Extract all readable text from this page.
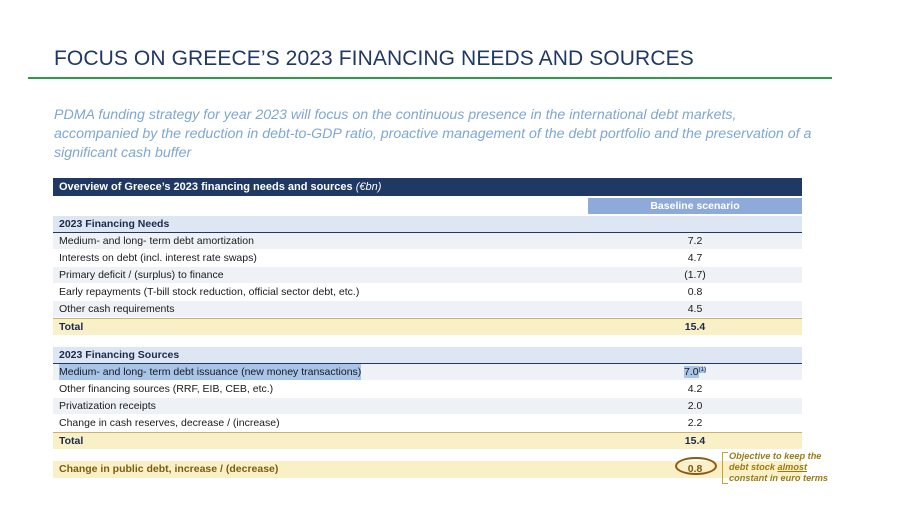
FOCUS ON GREECE’S 2023 FINANCING NEEDS AND SOURCES
PDMA funding strategy for year 2023 will focus on the continuous presence in the international debt markets, accompanied by the reduction in debt-to-GDP ratio, proactive management of the debt portfolio and the preservation of a significant cash buffer
Overview of Greece’s 2023 financing needs and sources (€bn)
Baseline scenario
2023 Financing Needs
Medium- and long- term debt amortization	7.2
Interests on debt (incl. interest rate swaps)	4.7
Primary deficit / (surplus) to finance	(1.7)
Early repayments (T-bill stock reduction, official sector debt, etc.)	0.8
Other cash requirements	4.5
Total	15.4
2023 Financing Sources
Medium- and long- term debt issuance (new money transactions)	7.0$^{(1)}$
Other financing sources (RRF, EIB, CEB, etc.)	4.2
Privatization receipts	2.0
Change in cash reserves, decrease / (increase)	2.2
Total	15.4
Change in public debt, increase / (decrease)	0.8
Objective to keep the
debt stock almost
constant in euro terms
